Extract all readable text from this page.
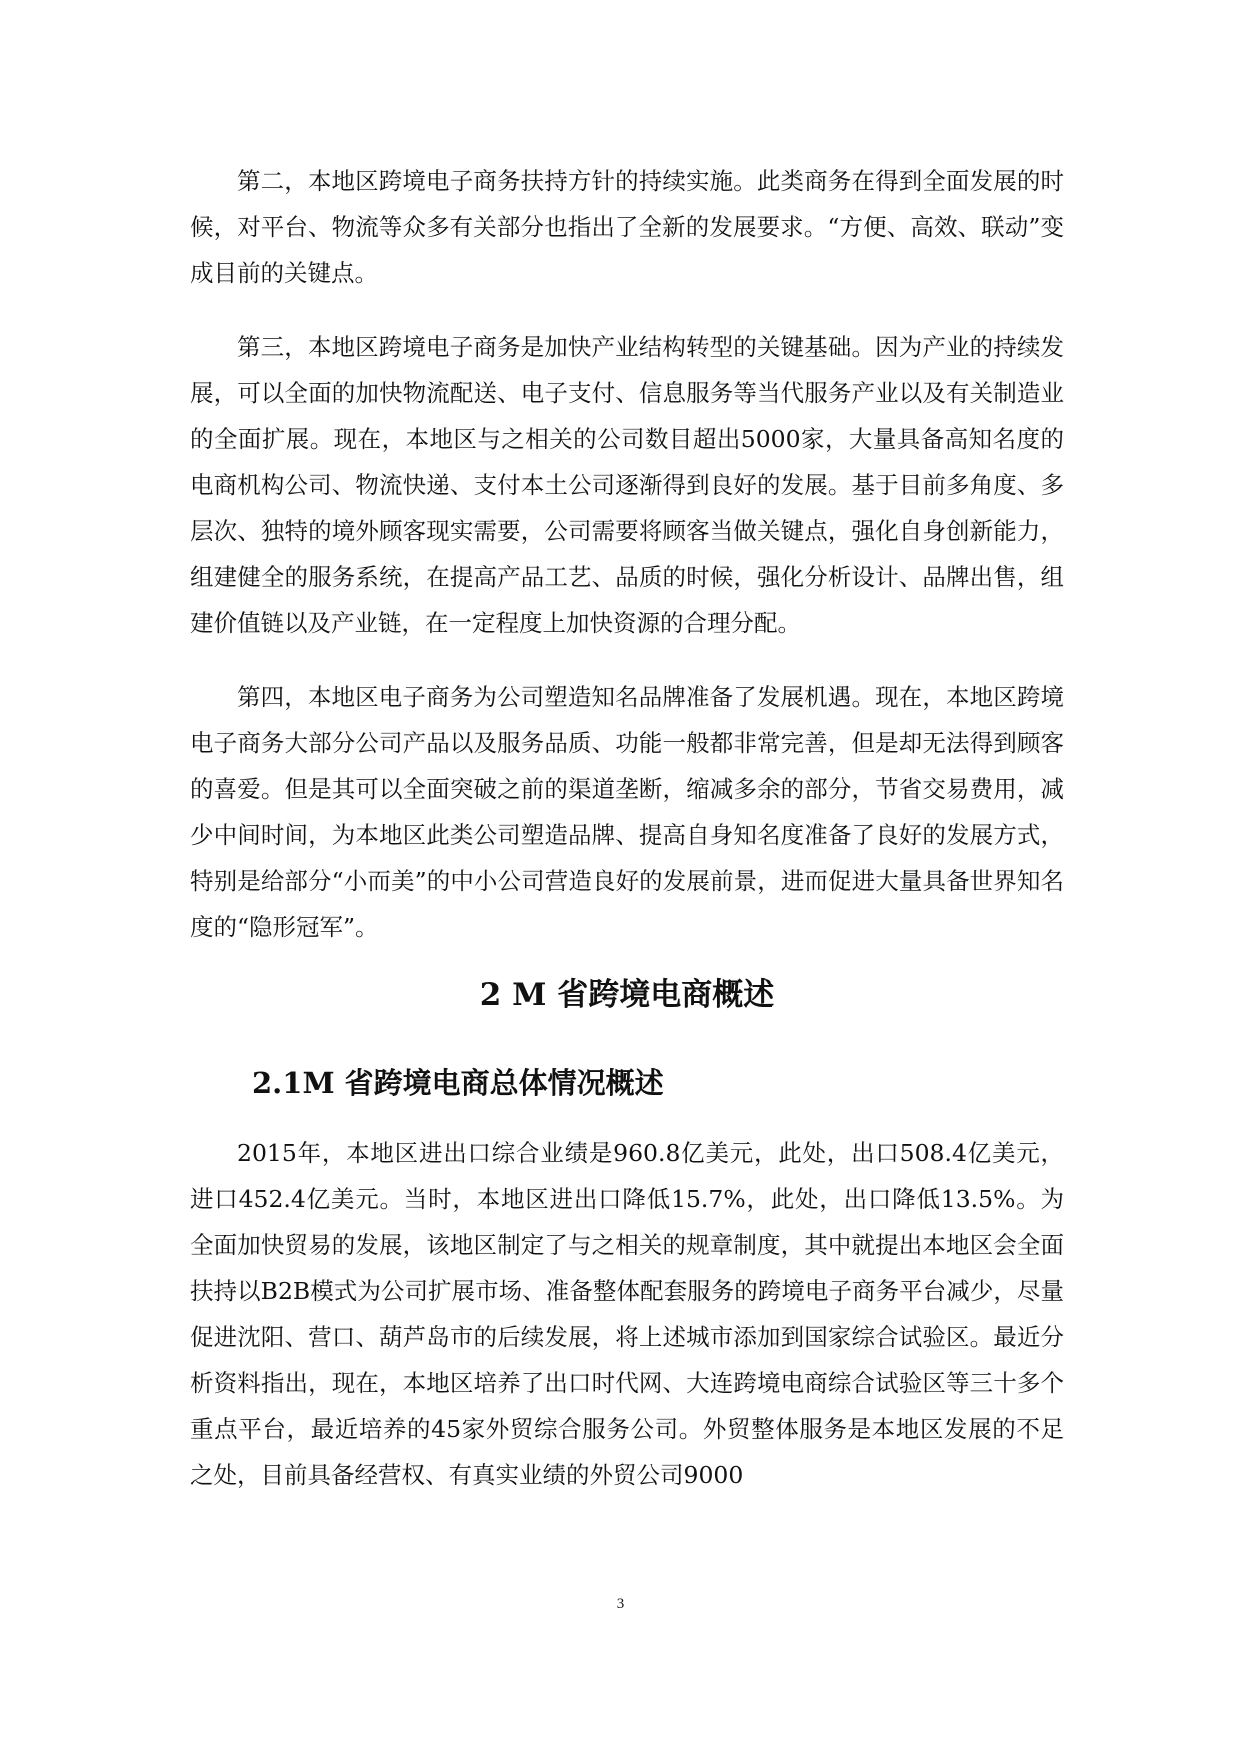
第二，本地区跨境电子商务扶持方针的持续实施。此类商务在得到全面发展的时候，对平台、物流等众多有关部分也指出了全新的发展要求。“方便、高效、联动”变成目前的关键点。

第三，本地区跨境电子商务是加快产业结构转型的关键基础。因为产业的持续发展，可以全面的加快物流配送、电子支付、信息服务等当代服务产业以及有关制造业的全面扩展。现在，本地区与之相关的公司数目超出5000家，大量具备高知名度的电商机构公司、物流快递、支付本土公司逐渐得到良好的发展。基于目前多角度、多层次、独特的境外顾客现实需要，公司需要将顾客当做关键点，强化自身创新能力，组建健全的服务系统，在提高产品工艺、品质的时候，强化分析设计、品牌出售，组建价值链以及产业链，在一定程度上加快资源的合理分配。

第四，本地区电子商务为公司塑造知名品牌准备了发展机遇。现在，本地区跨境电子商务大部分公司产品以及服务品质、功能一般都非常完善，但是却无法得到顾客的喜爱。但是其可以全面突破之前的渠道垄断，缩减多余的部分，节省交易费用，减少中间时间，为本地区此类公司塑造品牌、提高自身知名度准备了良好的发展方式，特别是给部分“小而美”的中小公司营造良好的发展前景，进而促进大量具备世界知名度的“隐形冠军”。

2 M 省跨境电商概述
2.1M 省跨境电商总体情况概述

2015年，本地区进出口综合业绩是960.8亿美元，此处，出口508.4亿美元，进口452.4亿美元。当时，本地区进出口降低15.7%，此处，出口降低13.5%。为全面加快贸易的发展，该地区制定了与之相关的规章制度，其中就提出本地区会全面扶持以B2B模式为公司扩展市场、准备整体配套服务的跨境电子商务平台减少，尽量促进沈阳、营口、葫芦岛市的后续发展，将上述城市添加到国家综合试验区。最近分析资料指出，现在，本地区培养了出口时代网、大连跨境电商综合试验区等三十多个重点平台，最近培养的45家外贸综合服务公司。外贸整体服务是本地区发展的不足之处，目前具备经营权、有真实业绩的外贸公司9000

3
